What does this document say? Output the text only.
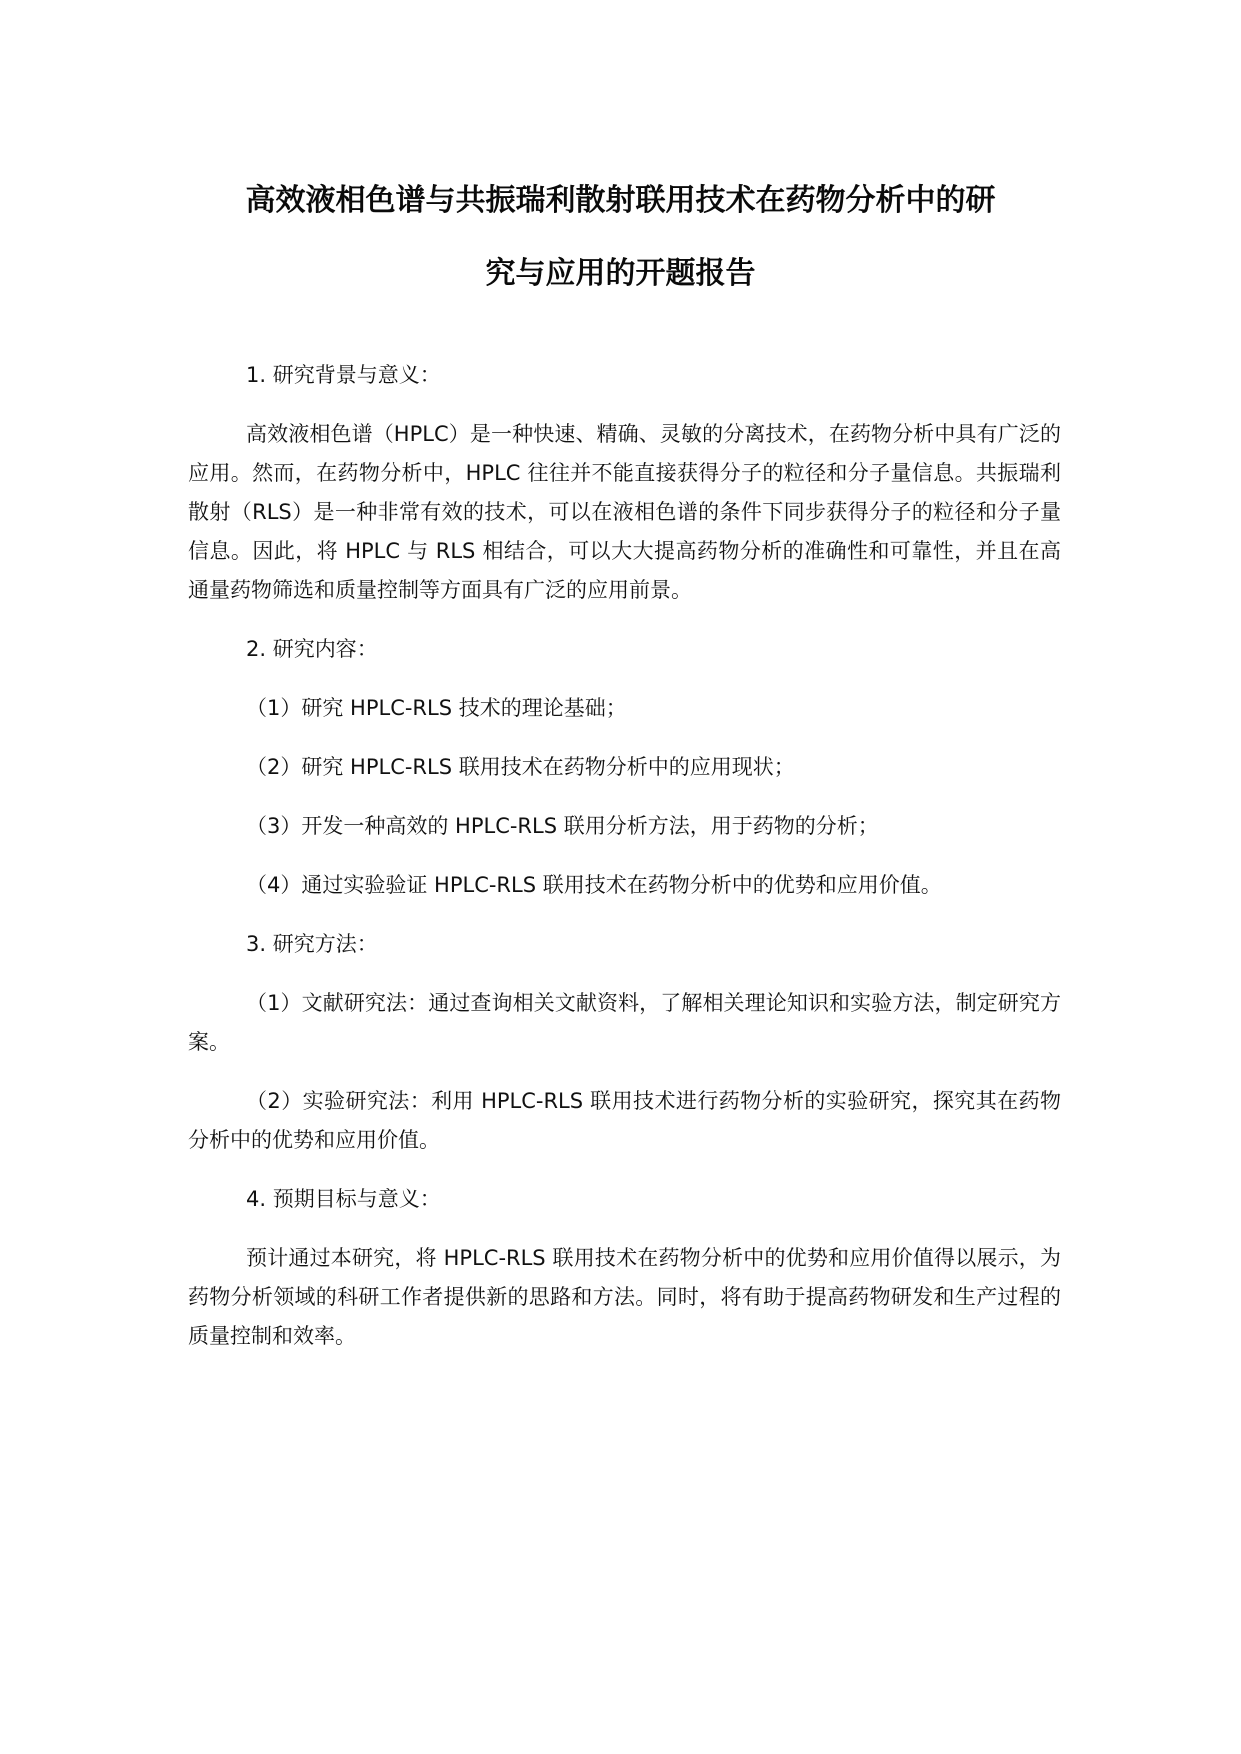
高效液相色谱与共振瑞利散射联用技术在药物分析中的研
究与应用的开题报告

1. 研究背景与意义：

高效液相色谱（HPLC）是一种快速、精确、灵敏的分离技术，在药物分析中具有广泛的应用。然而，在药物分析中，HPLC 往往并不能直接获得分子的粒径和分子量信息。共振瑞利散射（RLS）是一种非常有效的技术，可以在液相色谱的条件下同步获得分子的粒径和分子量信息。因此，将 HPLC 与 RLS 相结合，可以大大提高药物分析的准确性和可靠性，并且在高通量药物筛选和质量控制等方面具有广泛的应用前景。

2. 研究内容：

（1）研究 HPLC-RLS 技术的理论基础；

（2）研究 HPLC-RLS 联用技术在药物分析中的应用现状；

（3）开发一种高效的 HPLC-RLS 联用分析方法，用于药物的分析；

（4）通过实验验证 HPLC-RLS 联用技术在药物分析中的优势和应用价值。

3. 研究方法：

（1）文献研究法：通过查询相关文献资料，了解相关理论知识和实验方法，制定研究方案。

（2）实验研究法：利用 HPLC-RLS 联用技术进行药物分析的实验研究，探究其在药物分析中的优势和应用价值。

4. 预期目标与意义：

预计通过本研究，将 HPLC-RLS 联用技术在药物分析中的优势和应用价值得以展示，为药物分析领域的科研工作者提供新的思路和方法。同时，将有助于提高药物研发和生产过程的质量控制和效率。
